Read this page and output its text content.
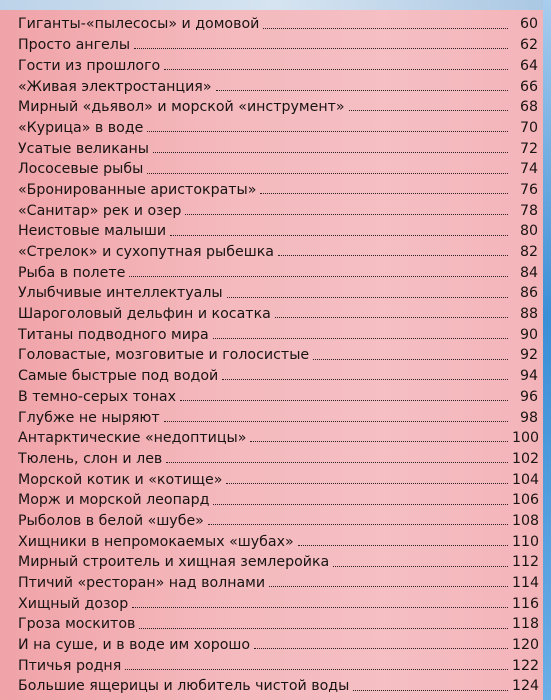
Гиганты-«пылесосы» и домовой	60
Просто ангелы	62
Гости из прошлого	64
«Живая электростанция»	66
Мирный «дьявол» и морской «инструмент»	68
«Курица» в воде	70
Усатые великаны	72
Лососевые рыбы	74
«Бронированные аристократы»	76
«Санитар» рек и озер	78
Неистовые малыши	80
«Стрелок» и сухопутная рыбешка	82
Рыба в полете	84
Улыбчивые интеллектуалы	86
Шароголовый дельфин и косатка	88
Титаны подводного мира	90
Головастые, мозговитые и голосистые	92
Самые быстрые под водой	94
В темно-серых тонах	96
Глубже не ныряют	98
Антарктические «недоптицы»	100
Тюлень, слон и лев	102
Морской котик и «котище»	104
Морж и морской леопард	106
Рыболов в белой «шубе»	108
Хищники в непромокаемых «шубах»	110
Мирный строитель и хищная землеройка	112
Птичий «ресторан» над волнами	114
Хищный дозор	116
Гроза москитов	118
И на суше, и в воде им хорошо	120
Птичья родня	122
Большие ящерицы и любитель чистой воды	124
